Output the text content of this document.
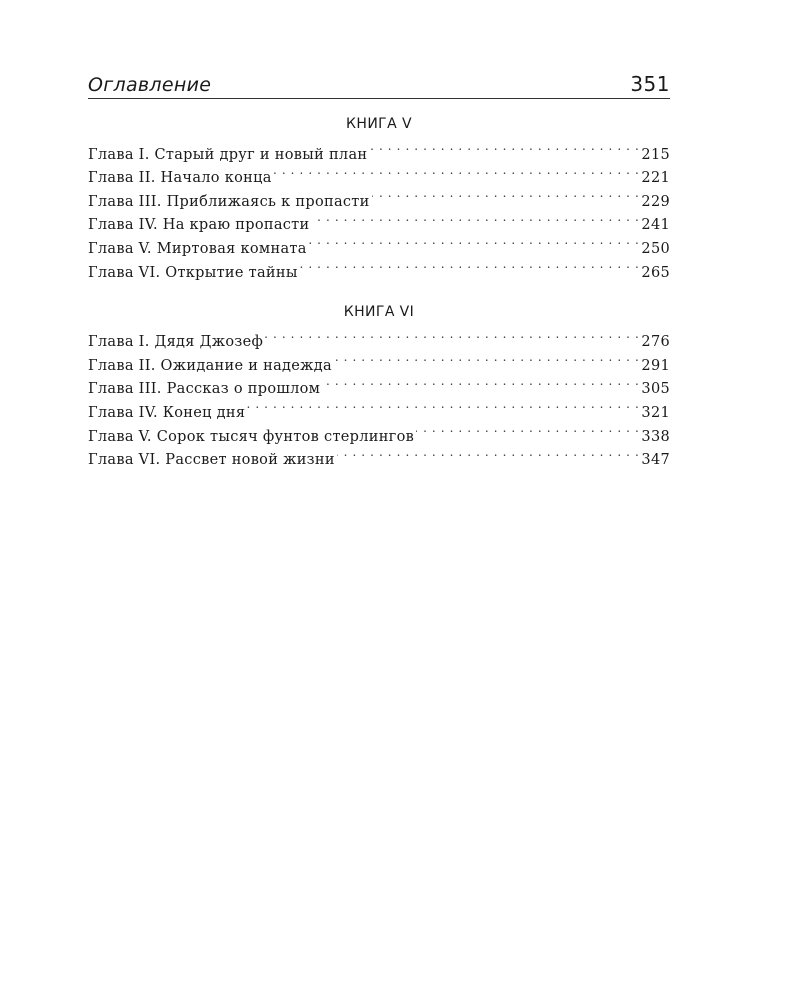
Оглавление	351
КНИГА V
Глава I. Старый друг и новый план . . .	215
Глава II. Начало конца . . .	221
Глава III. Приближаясь к пропасти . . .	229
Глава IV. На краю пропасти . . .	241
Глава V. Миртовая комната . . .	250
Глава VI. Открытие тайны . . .	265
КНИГА VI
Глава I. Дядя Джозеф . . .	276
Глава II. Ожидание и надежда . . .	291
Глава III. Рассказ о прошлом . . .	305
Глава IV. Конец дня . . .	321
Глава V. Сорок тысяч фунтов стерлингов . . .	338
Глава VI. Рассвет новой жизни . . .	347
